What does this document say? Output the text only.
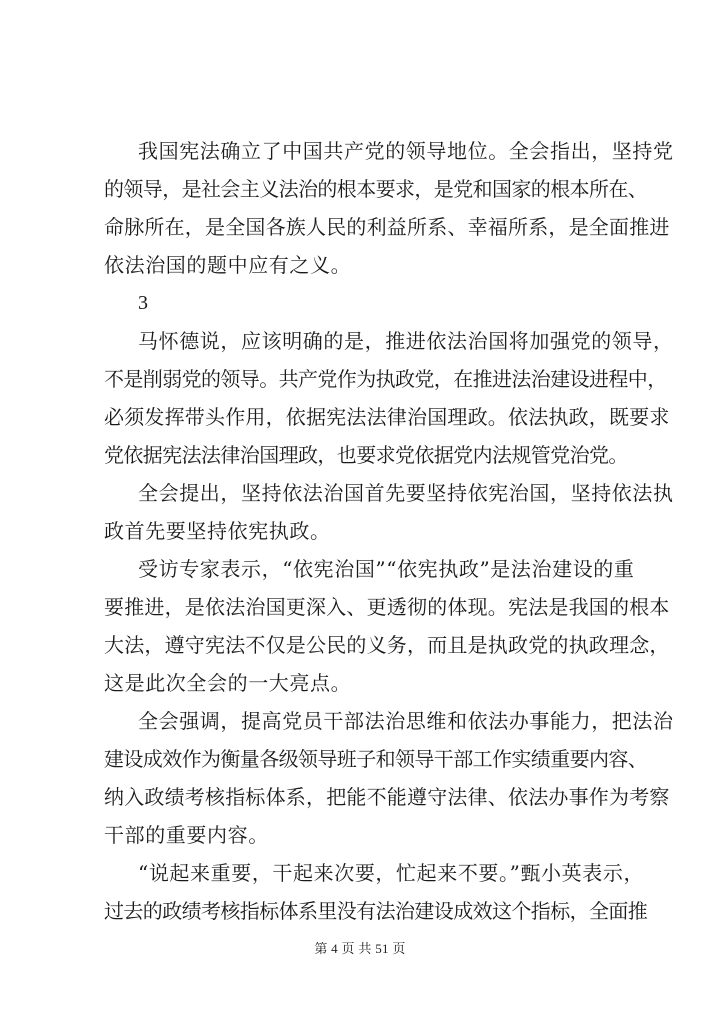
我国宪法确立了中国共产党的领导地位。全会指出，坚持党
的领导，是社会主义法治的根本要求，是党和国家的根本所在、
命脉所在，是全国各族人民的利益所系、幸福所系，是全面推进
依法治国的题中应有之义。
3
马怀德说，应该明确的是，推进依法治国将加强党的领导，
不是削弱党的领导。共产党作为执政党，在推进法治建设进程中，
必须发挥带头作用，依据宪法法律治国理政。依法执政，既要求
党依据宪法法律治国理政，也要求党依据党内法规管党治党。
全会提出，坚持依法治国首先要坚持依宪治国，坚持依法执
政首先要坚持依宪执政。
受访专家表示，“依宪治国”“依宪执政”是法治建设的重
要推进，是依法治国更深入、更透彻的体现。宪法是我国的根本
大法，遵守宪法不仅是公民的义务，而且是执政党的执政理念，
这是此次全会的一大亮点。
全会强调，提高党员干部法治思维和依法办事能力，把法治
建设成效作为衡量各级领导班子和领导干部工作实绩重要内容、
纳入政绩考核指标体系，把能不能遵守法律、依法办事作为考察
干部的重要内容。
“说起来重要，干起来次要，忙起来不要。”甄小英表示，
过去的政绩考核指标体系里没有法治建设成效这个指标，全面推
第 4 页 共 51 页
